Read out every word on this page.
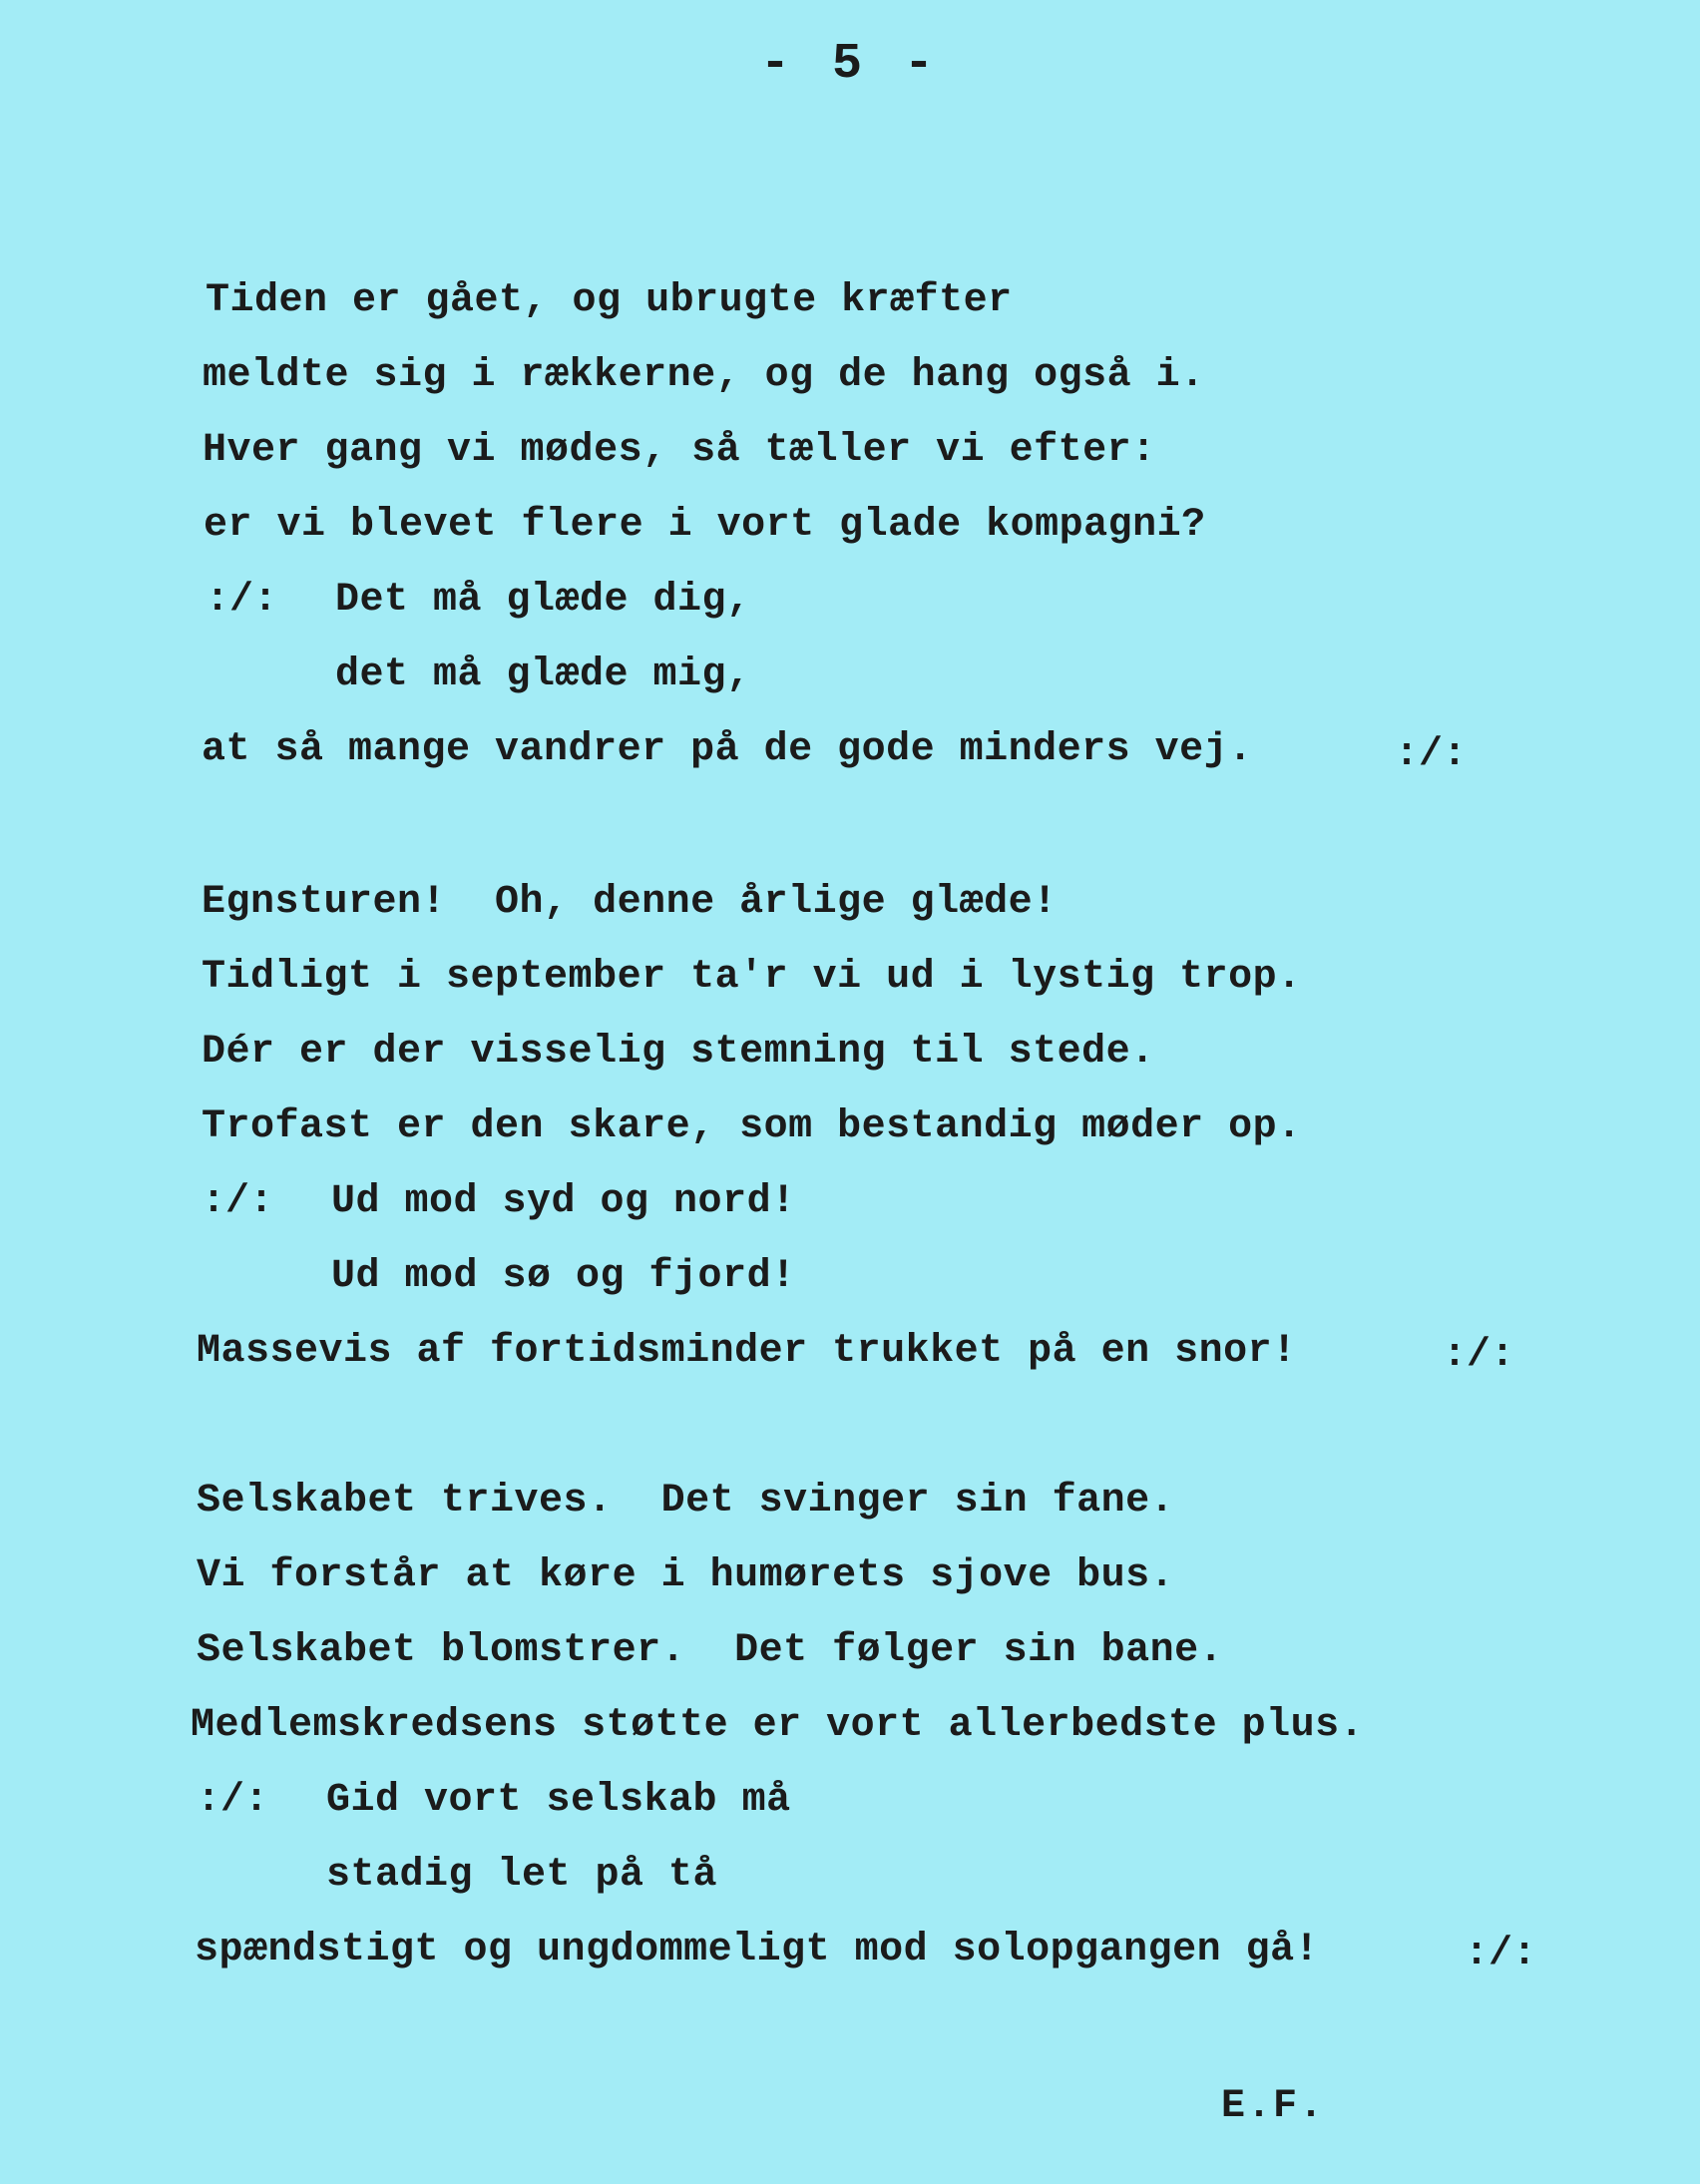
- 5 -
Tiden er gået, og ubrugte kræfter
meldte sig i rækkerne, og de hang også i.
Hver gang vi mødes, så tæller vi efter:
er vi blevet flere i vort glade kompagni?
:/: Det må glæde dig,
det må glæde mig,
at så mange vandrer på de gode minders vej.	:/:
Egnsturen!  Oh, denne årlige glæde!
Tidligt i september ta'r vi ud i lystig trop.
Dér er der visselig stemning til stede.
Trofast er den skare, som bestandig møder op.
:/: Ud mod syd og nord!
Ud mod sø og fjord!
Massevis af fortidsminder trukket på en snor!	:/:
Selskabet trives.  Det svinger sin fane.
Vi forstår at køre i humørets sjove bus.
Selskabet blomstrer.  Det følger sin bane.
Medlemskredsens støtte er vort allerbedste plus.
:/: Gid vort selskab må
stadig let på tå
spændstigt og ungdommeligt mod solopgangen gå!	:/:
E.F.
